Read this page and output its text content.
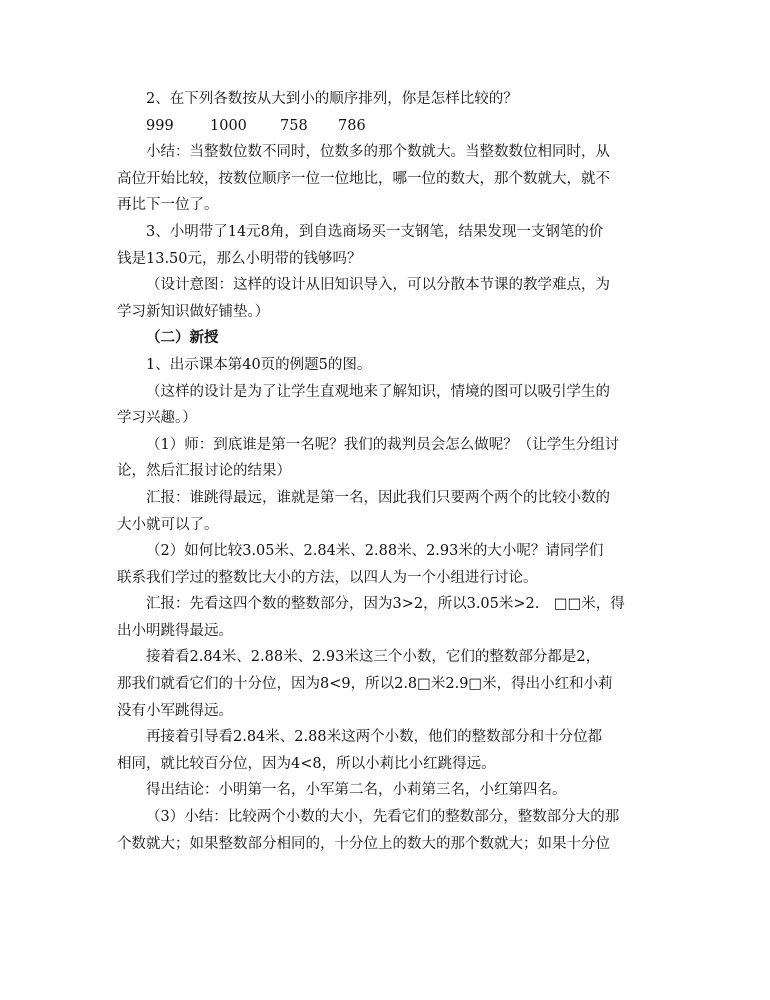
2、在下列各数按从大到小的顺序排列，你是怎样比较的？
999	1000 758 786
小结：当整数位数不同时，位数多的那个数就大。当整数数位相同时，从
高位开始比较，按数位顺序一位一位地比，哪一位的数大，那个数就大，就不
再比下一位了。
3、小明带了14元8角，到自选商场买一支钢笔，结果发现一支钢笔的价
钱是13.50元，那么小明带的钱够吗？
（设计意图：这样的设计从旧知识导入，可以分散本节课的教学难点，为
学习新知识做好铺垫。）
（二）新授
1、出示课本第40页的例题5的图。
（这样的设计是为了让学生直观地来了解知识，情境的图可以吸引学生的
学习兴趣。）
（1）师：到底谁是第一名呢？我们的裁判员会怎么做呢？（让学生分组讨
论，然后汇报讨论的结果）
汇报：谁跳得最远，谁就是第一名，因此我们只要两个两个的比较小数的
大小就可以了。
（2）如何比较3.05米、2.84米、2.88米、2.93米的大小呢？请同学们
联系我们学过的整数比大小的方法，以四人为一个小组进行讨论。
汇报：先看这四个数的整数部分，因为3>2，所以3.05米>2.　□□米，得
出小明跳得最远。
接着看2.84米、2.88米、2.93米这三个小数，它们的整数部分都是2，
那我们就看它们的十分位，因为8<9，所以2.8□米2.9□米，得出小红和小莉
没有小军跳得远。
再接着引导看2.84米、2.88米这两个小数，他们的整数部分和十分位都
相同，就比较百分位，因为4<8，所以小莉比小红跳得远。
得出结论：小明第一名，小军第二名，小莉第三名，小红第四名。
（3）小结：比较两个小数的大小，先看它们的整数部分，整数部分大的那
个数就大；如果整数部分相同的，十分位上的数大的那个数就大；如果十分位
